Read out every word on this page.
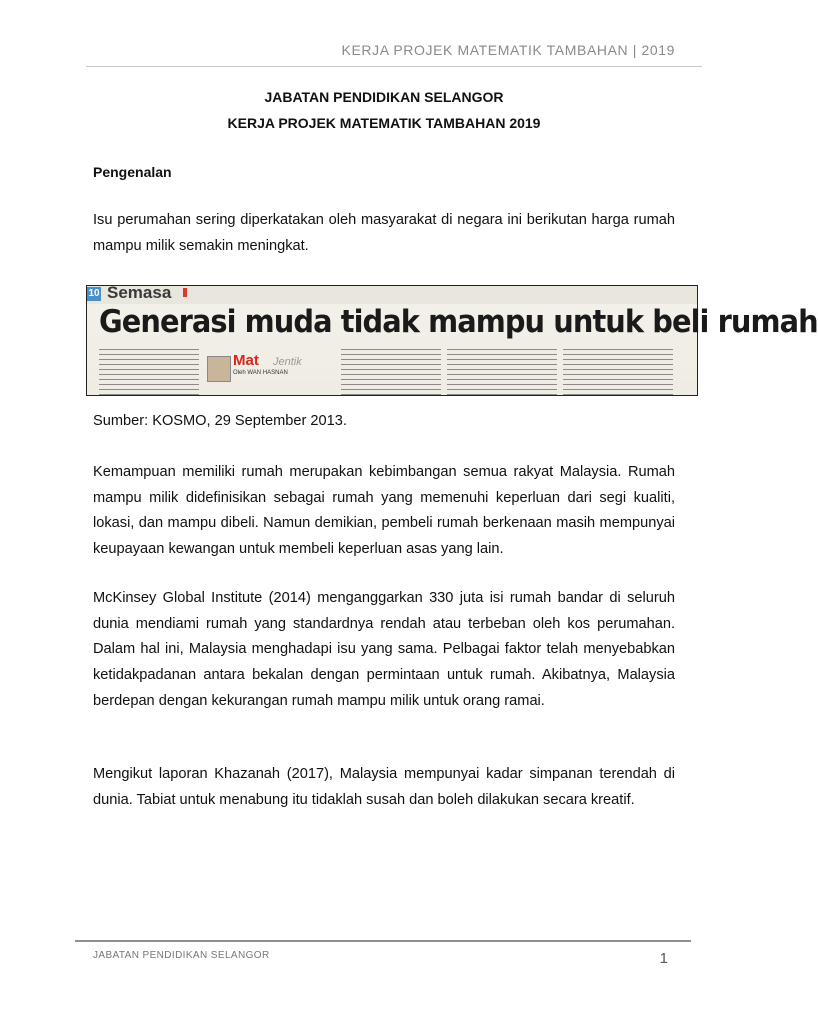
KERJA PROJEK MATEMATIK TAMBAHAN | 2019
JABATAN PENDIDIKAN SELANGOR
KERJA PROJEK MATEMATIK TAMBAHAN 2019
Pengenalan
Isu perumahan sering diperkatakan oleh masyarakat di negara ini berikutan harga rumah mampu milik semakin meningkat.
10 Semasa
Generasi muda tidak mampu untuk beli rumah
Mat Jentik
Oleh WAN HASNAN
Sumber: KOSMO, 29 September 2013.
Kemampuan memiliki rumah merupakan kebimbangan semua rakyat Malaysia. Rumah mampu milik didefinisikan sebagai rumah yang memenuhi keperluan dari segi kualiti, lokasi, dan mampu dibeli. Namun demikian, pembeli rumah berkenaan masih mempunyai keupayaan kewangan untuk membeli keperluan asas yang lain.
McKinsey Global Institute (2014) menganggarkan 330 juta isi rumah bandar di seluruh dunia mendiami rumah yang standardnya rendah atau terbeban oleh kos perumahan. Dalam hal ini, Malaysia menghadapi isu yang sama. Pelbagai faktor telah menyebabkan ketidakpadanan antara bekalan dengan permintaan untuk rumah. Akibatnya, Malaysia berdepan dengan kekurangan rumah mampu milik untuk orang ramai.
Mengikut laporan Khazanah (2017), Malaysia mempunyai kadar simpanan terendah di dunia. Tabiat untuk menabung itu tidaklah susah dan boleh dilakukan secara kreatif.
JABATAN PENDIDIKAN SELANGOR	1
